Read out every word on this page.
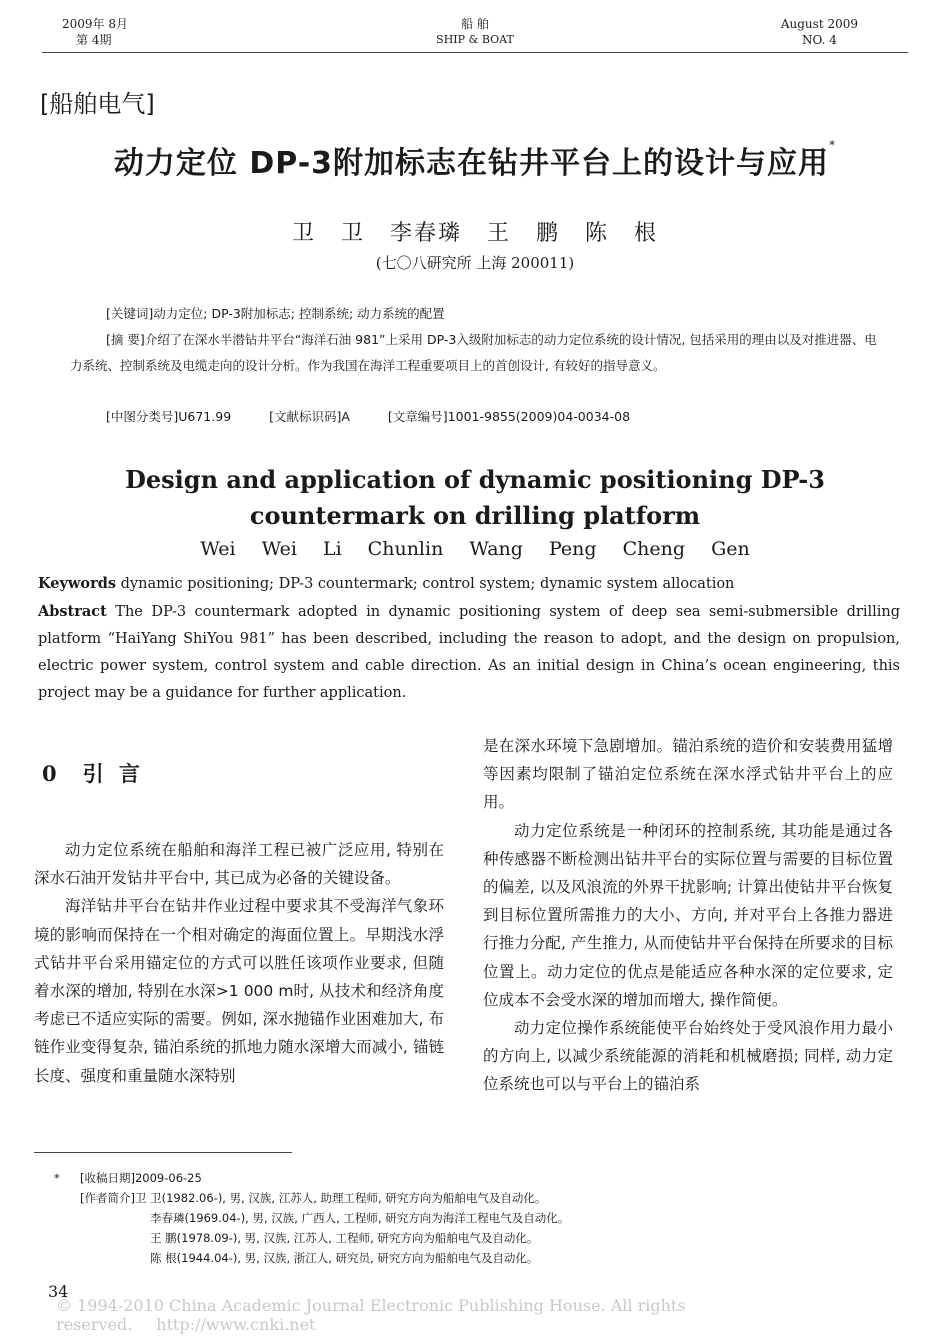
2009年 8月
第 4期
船 舶
SHIP & BOAT
August 2009
NO. 4
[船舶电气]
动力定位 DP-3附加标志在钻井平台上的设计与应用*
卫 卫 李春璘 王 鹏 陈 根
(七〇八研究所 上海 200011)
[关键词]动力定位; DP-3附加标志; 控制系统; 动力系统的配置
[摘 要]介绍了在深水半潜钻井平台“海洋石油 981”上采用 DP-3入级附加标志的动力定位系统的设计情况, 包括采用的理由以及对推进器、电力系统、控制系统及电缆走向的设计分析。作为我国在海洋工程重要项目上的首创设计, 有较好的指导意义。
[中图分类号]U671.99	[文献标识码]A	[文章编号]1001-9855(2009)04-0034-08
Design and application of dynamic positioning DP-3
countermark on drilling platform
Wei Wei Li Chunlin Wang Peng Cheng Gen
Keywords dynamic positioning; DP-3 countermark; control system; dynamic system allocation
Abstract The DP-3 countermark adopted in dynamic positioning system of deep sea semi-submersible drilling platform “HaiYang ShiYou 981” has been described, including the reason to adopt, and the design on propulsion, electric power system, control system and cable direction. As an initial design in China’s ocean engineering, this project may be a guidance for further application.
0 引 言

动力定位系统在船舶和海洋工程已被广泛应用, 特别在深水石油开发钻井平台中, 其已成为必备的关键设备。

海洋钻井平台在钻井作业过程中要求其不受海洋气象环境的影响而保持在一个相对确定的海面位置上。早期浅水浮式钻井平台采用锚定位的方式可以胜任该项作业要求, 但随着水深的增加, 特别在水深>1 000 m时, 从技术和经济角度考虑已不适应实际的需要。例如, 深水抛锚作业困难加大, 布链作业变得复杂, 锚泊系统的抓地力随水深增大而减小, 锚链长度、强度和重量随水深特别

是在深水环境下急剧增加。锚泊系统的造价和安装费用猛增等因素均限制了锚泊定位系统在深水浮式钻井平台上的应用。

动力定位系统是一种闭环的控制系统, 其功能是通过各种传感器不断检测出钻井平台的实际位置与需要的目标位置的偏差, 以及风浪流的外界干扰影响; 计算出使钻井平台恢复到目标位置所需推力的大小、方向, 并对平台上各推力器进行推力分配, 产生推力, 从而使钻井平台保持在所要求的目标位置上。动力定位的优点是能适应各种水深的定位要求, 定位成本不会受水深的增加而增大, 操作简便。

动力定位操作系统能使平台始终处于受风浪作用力最小的方向上, 以减少系统能源的消耗和机械磨损; 同样, 动力定位系统也可以与平台上的锚泊系

* [收稿日期]2009-06-25
[作者简介]卫 卫(1982.06-), 男, 汉族, 江苏人, 助理工程师, 研究方向为船舶电气及自动化。
李春璘(1969.04-), 男, 汉族, 广西人, 工程师, 研究方向为海洋工程电气及自动化。
王 鹏(1978.09-), 男, 汉族, 江苏人, 工程师, 研究方向为船舶电气及自动化。
陈 根(1944.04-), 男, 汉族, 浙江人, 研究员, 研究方向为船舶电气及自动化。
34
© 1994-2010 China Academic Journal Electronic Publishing House. All rights reserved. http://www.cnki.net
